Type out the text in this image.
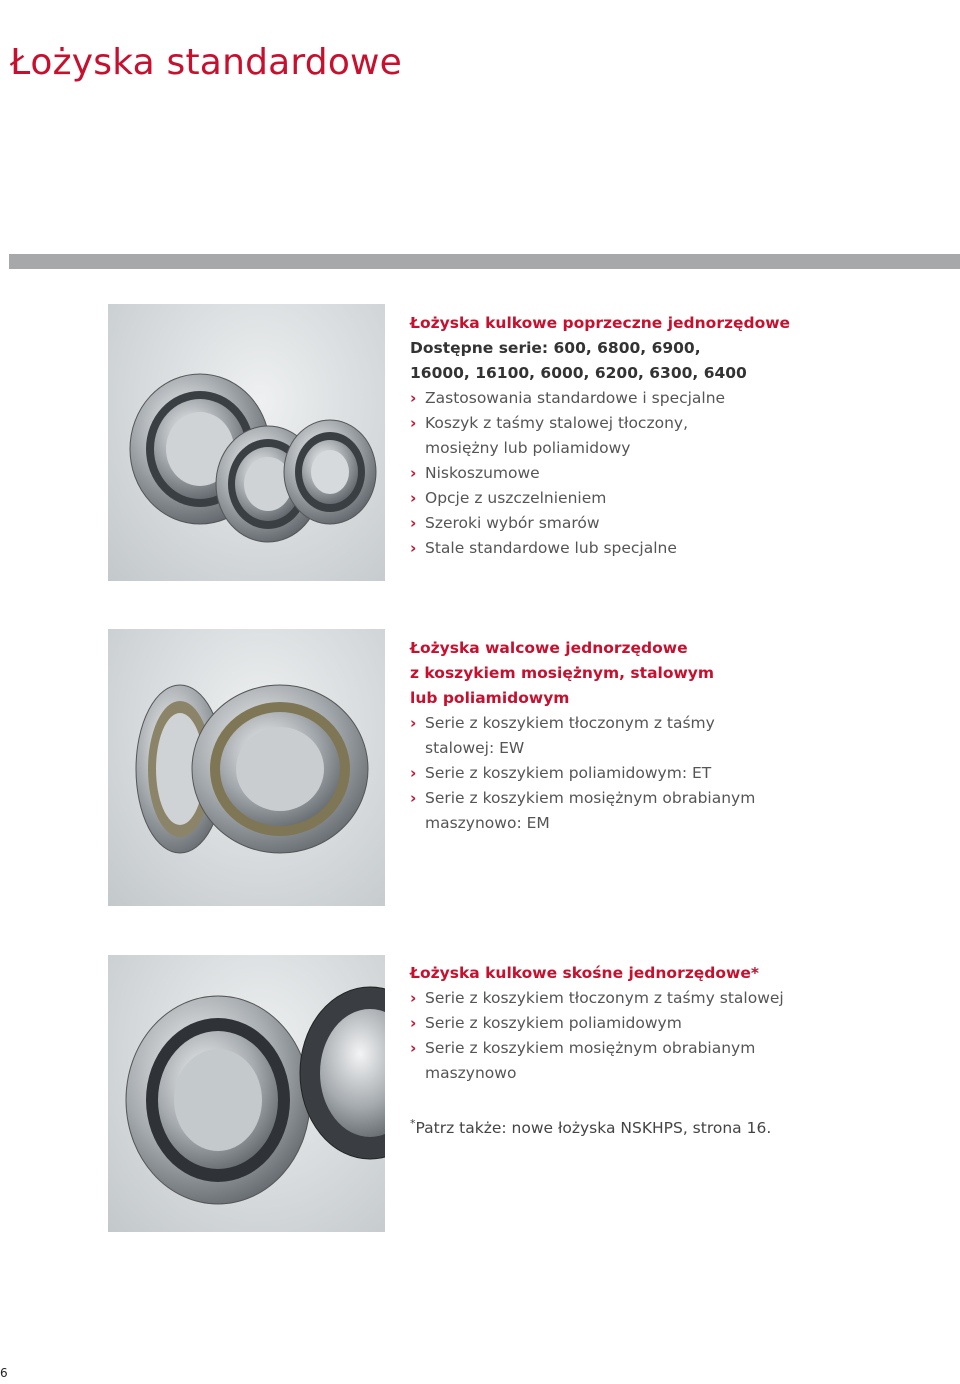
Łożyska standardowe
Łożyska kulkowe poprzeczne jednorzędowe
Dostępne serie: 600, 6800, 6900,
16000, 16100, 6000, 6200, 6300, 6400
› Zastosowania standardowe i specjalne
› Koszyk z taśmy stalowej tłoczony,
mosiężny lub poliamidowy
› Niskoszumowe
› Opcje z uszczelnieniem
› Szeroki wybór smarów
› Stale standardowe lub specjalne
Łożyska walcowe jednorzędowe
z koszykiem mosiężnym, stalowym
lub poliamidowym
› Serie z koszykiem tłoczonym z taśmy
stalowej: EW
› Serie z koszykiem poliamidowym: ET
› Serie z koszykiem mosiężnym obrabianym
maszynowo: EM
Łożyska kulkowe skośne jednorzędowe*
› Serie z koszykiem tłoczonym z taśmy stalowej
› Serie z koszykiem poliamidowym
› Serie z koszykiem mosiężnym obrabianym
maszynowo
*Patrz także: nowe łożyska NSKHPS, strona 16.
6
